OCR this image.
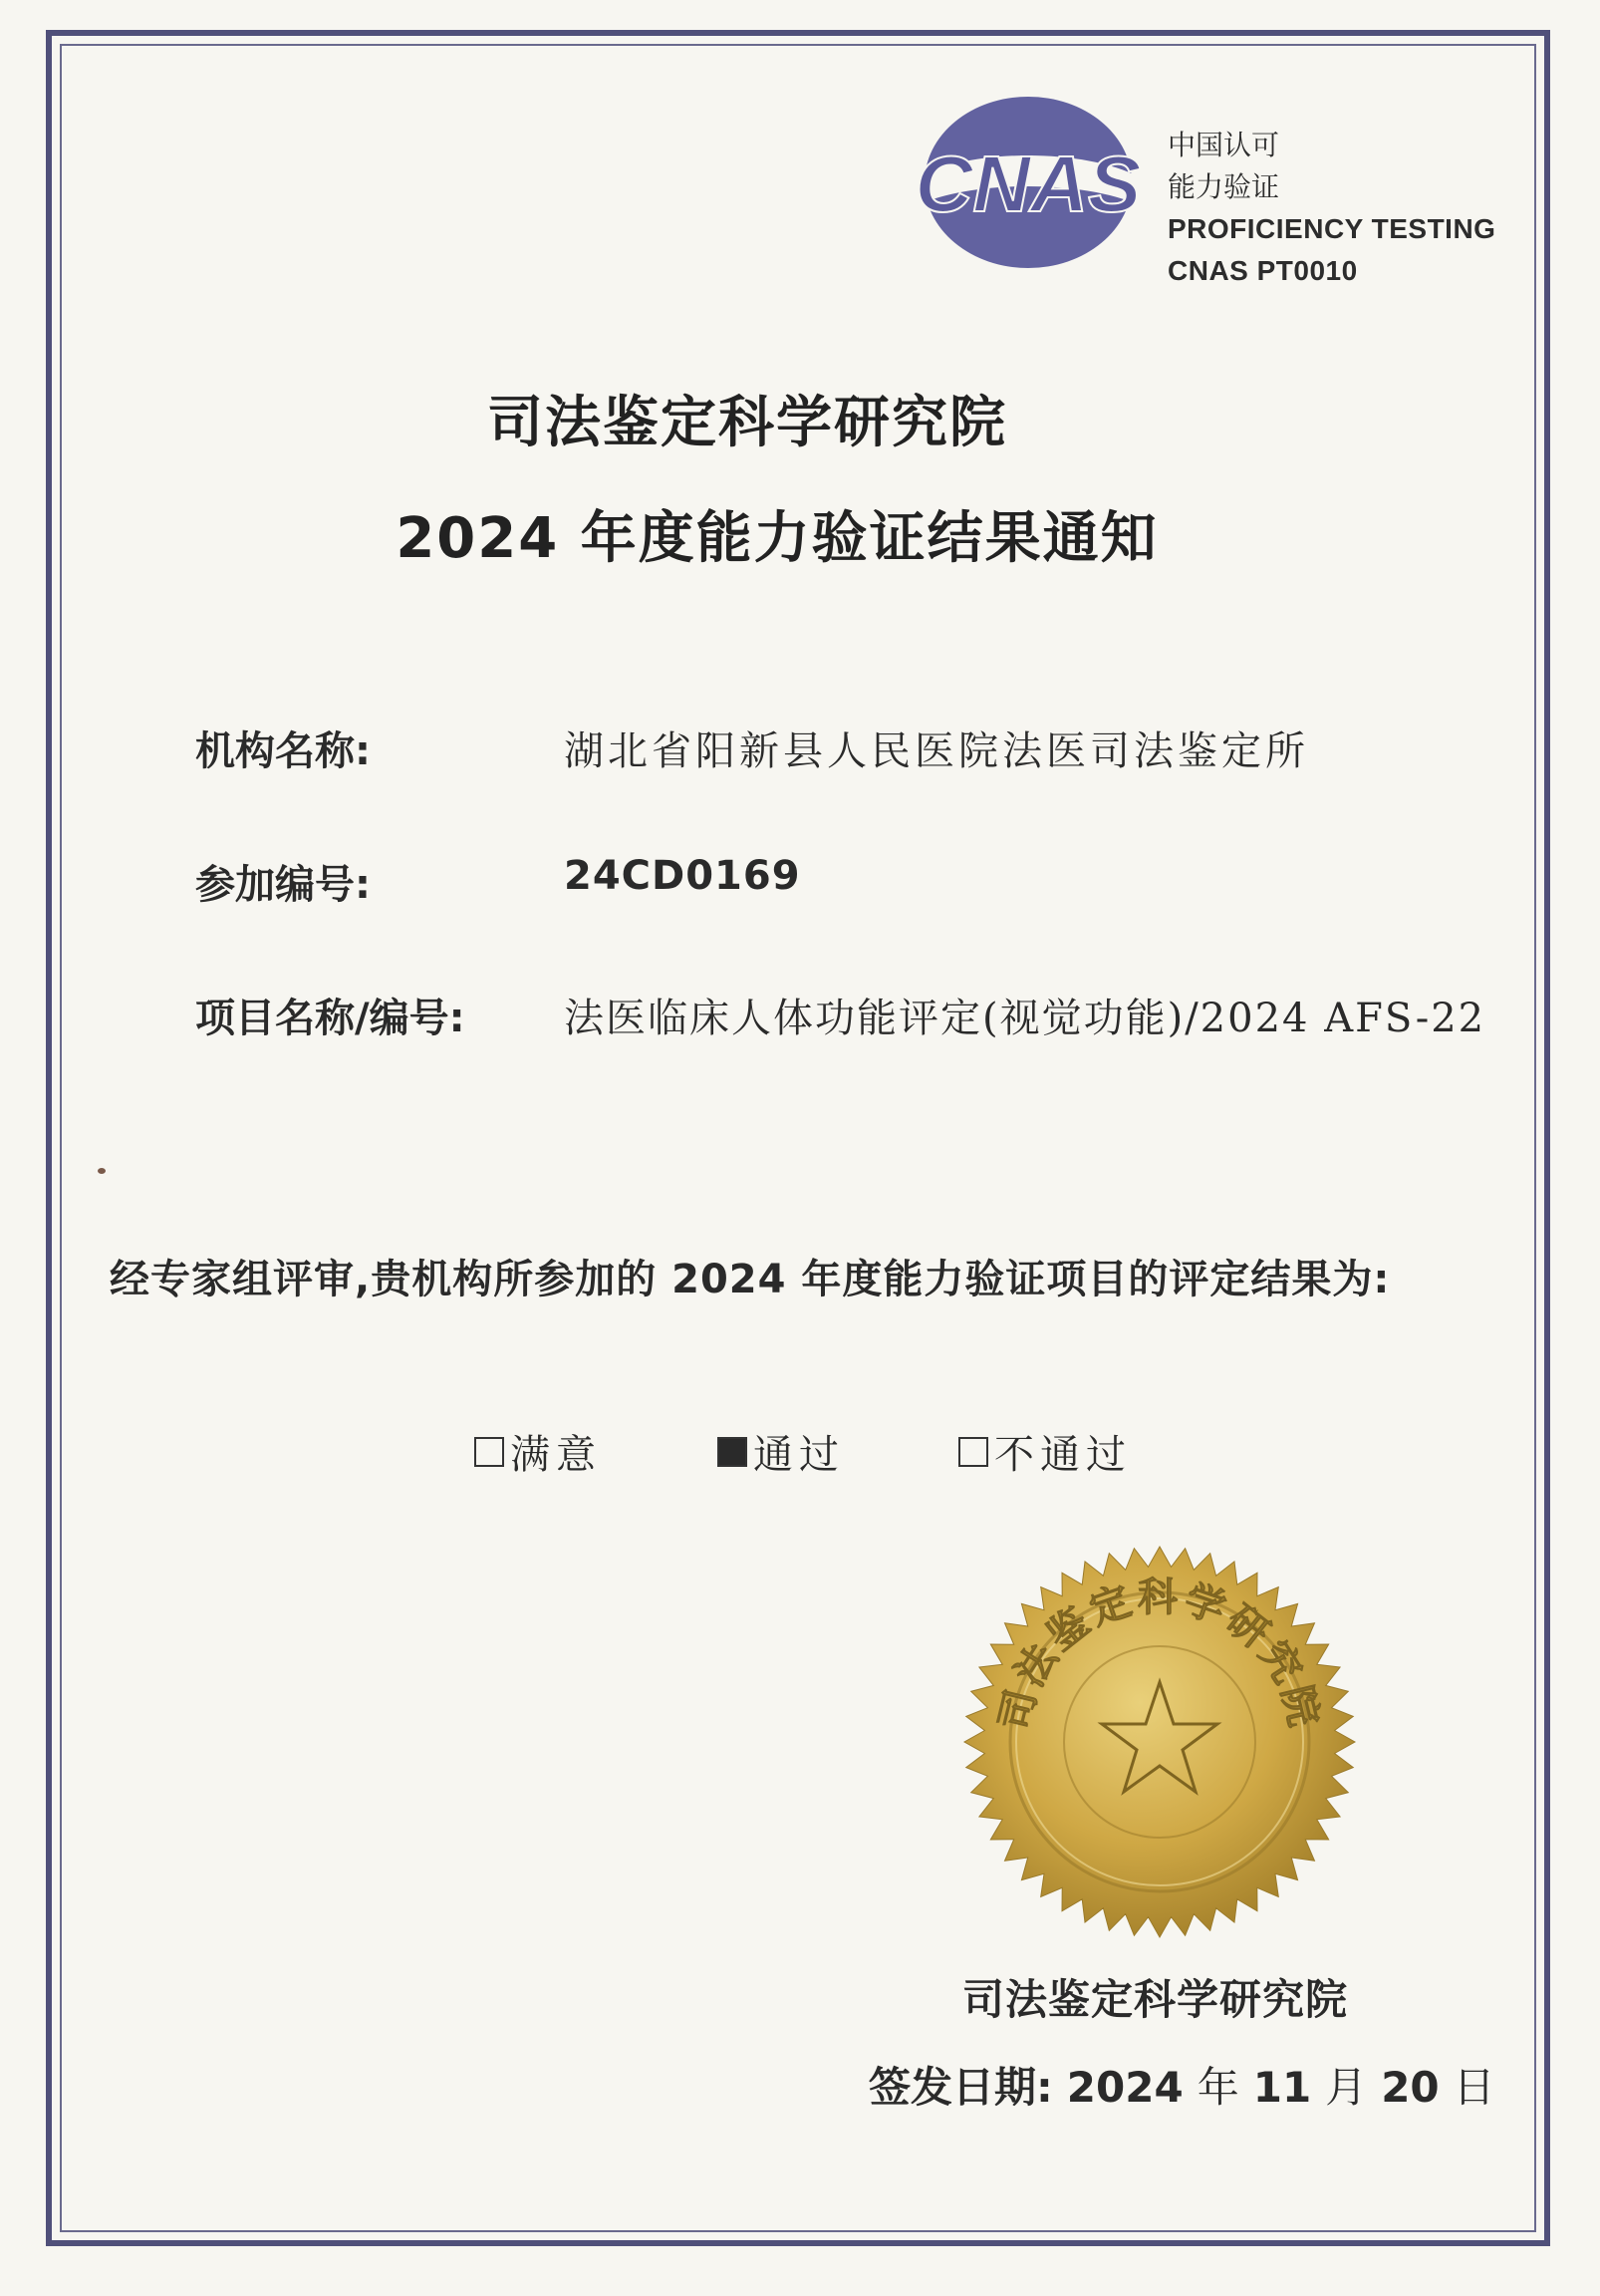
CNAS 中国认可
能力验证
PROFICIENCY TESTING
CNAS PT0010
司法鉴定科学研究院
2024 年度能力验证结果通知
机构名称:	湖北省阳新县人民医院法医司法鉴定所
参加编号:	24CD0169
项目名称/编号: 法医临床人体功能评定(视觉功能)/2024 AFS-22
经专家组评审,贵机构所参加的 2024 年度能力验证项目的评定结果为:
满意	通过	不通过
司法鉴定科学研究院
司法鉴定科学研究院
签发日期: 2024 年 11 月 20 日
